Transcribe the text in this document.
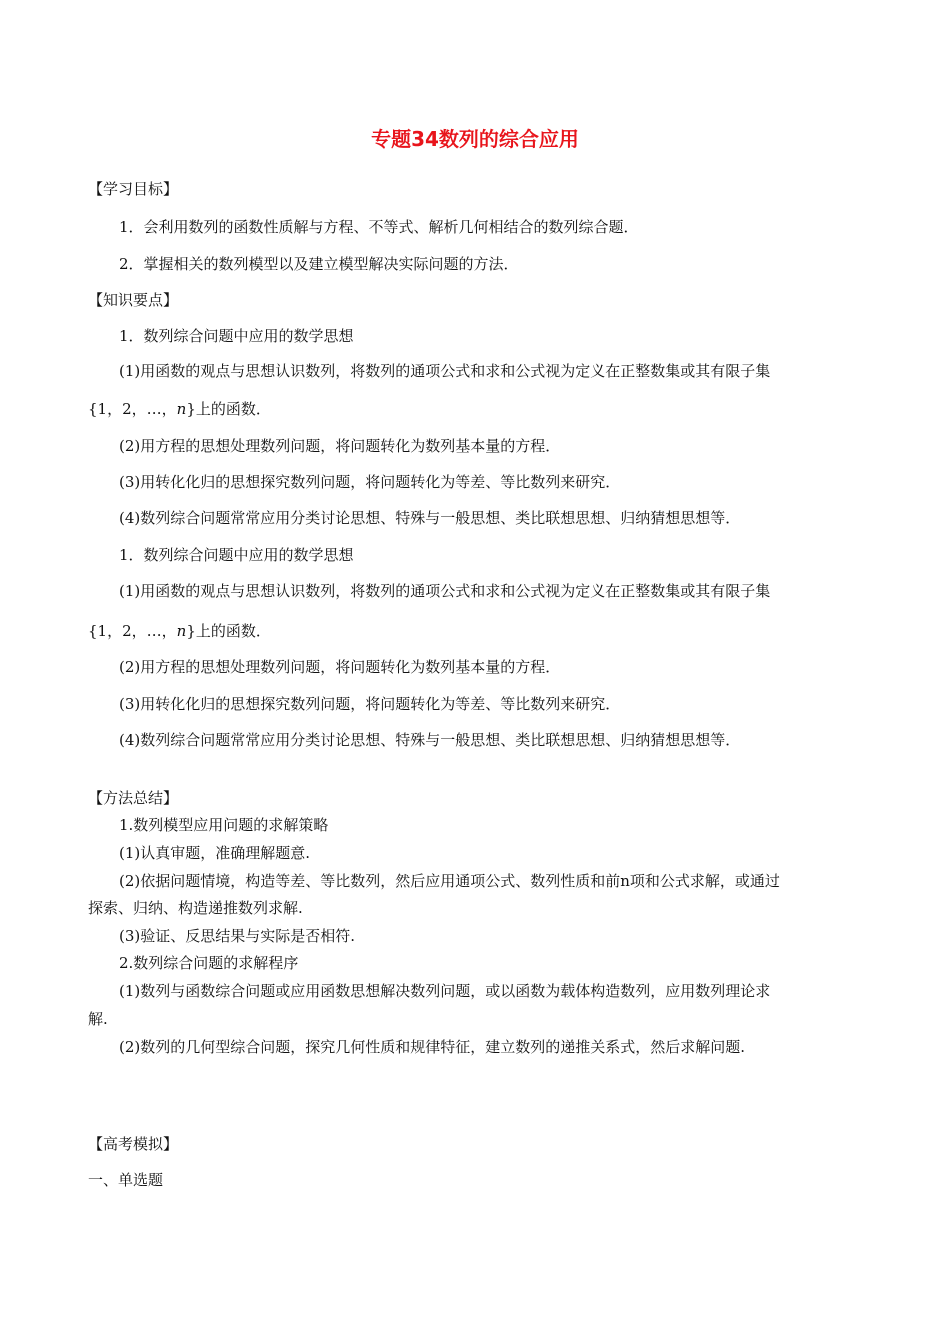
专题34数列的综合应用
【学习目标】
1．会利用数列的函数性质解与方程、不等式、解析几何相结合的数列综合题．
2．掌握相关的数列模型以及建立模型解决实际问题的方法．
【知识要点】
1．数列综合问题中应用的数学思想
(1)用函数的观点与思想认识数列，将数列的通项公式和求和公式视为定义在正整数集或其有限子集
{1，2，…，n}上的函数．
(2)用方程的思想处理数列问题，将问题转化为数列基本量的方程．
(3)用转化化归的思想探究数列问题，将问题转化为等差、等比数列来研究．
(4)数列综合问题常常应用分类讨论思想、特殊与一般思想、类比联想思想、归纳猜想思想等．
1．数列综合问题中应用的数学思想
(1)用函数的观点与思想认识数列，将数列的通项公式和求和公式视为定义在正整数集或其有限子集
{1，2，…，n}上的函数．
(2)用方程的思想处理数列问题，将问题转化为数列基本量的方程．
(3)用转化化归的思想探究数列问题，将问题转化为等差、等比数列来研究．
(4)数列综合问题常常应用分类讨论思想、特殊与一般思想、类比联想思想、归纳猜想思想等．
【方法总结】
1.数列模型应用问题的求解策略
(1)认真审题，准确理解题意.
(2)依据问题情境，构造等差、等比数列，然后应用通项公式、数列性质和前n项和公式求解，或通过
探索、归纳、构造递推数列求解.
(3)验证、反思结果与实际是否相符.
2.数列综合问题的求解程序
(1)数列与函数综合问题或应用函数思想解决数列问题，或以函数为载体构造数列，应用数列理论求
解.
(2)数列的几何型综合问题，探究几何性质和规律特征，建立数列的递推关系式，然后求解问题.
【高考模拟】
一、单选题
